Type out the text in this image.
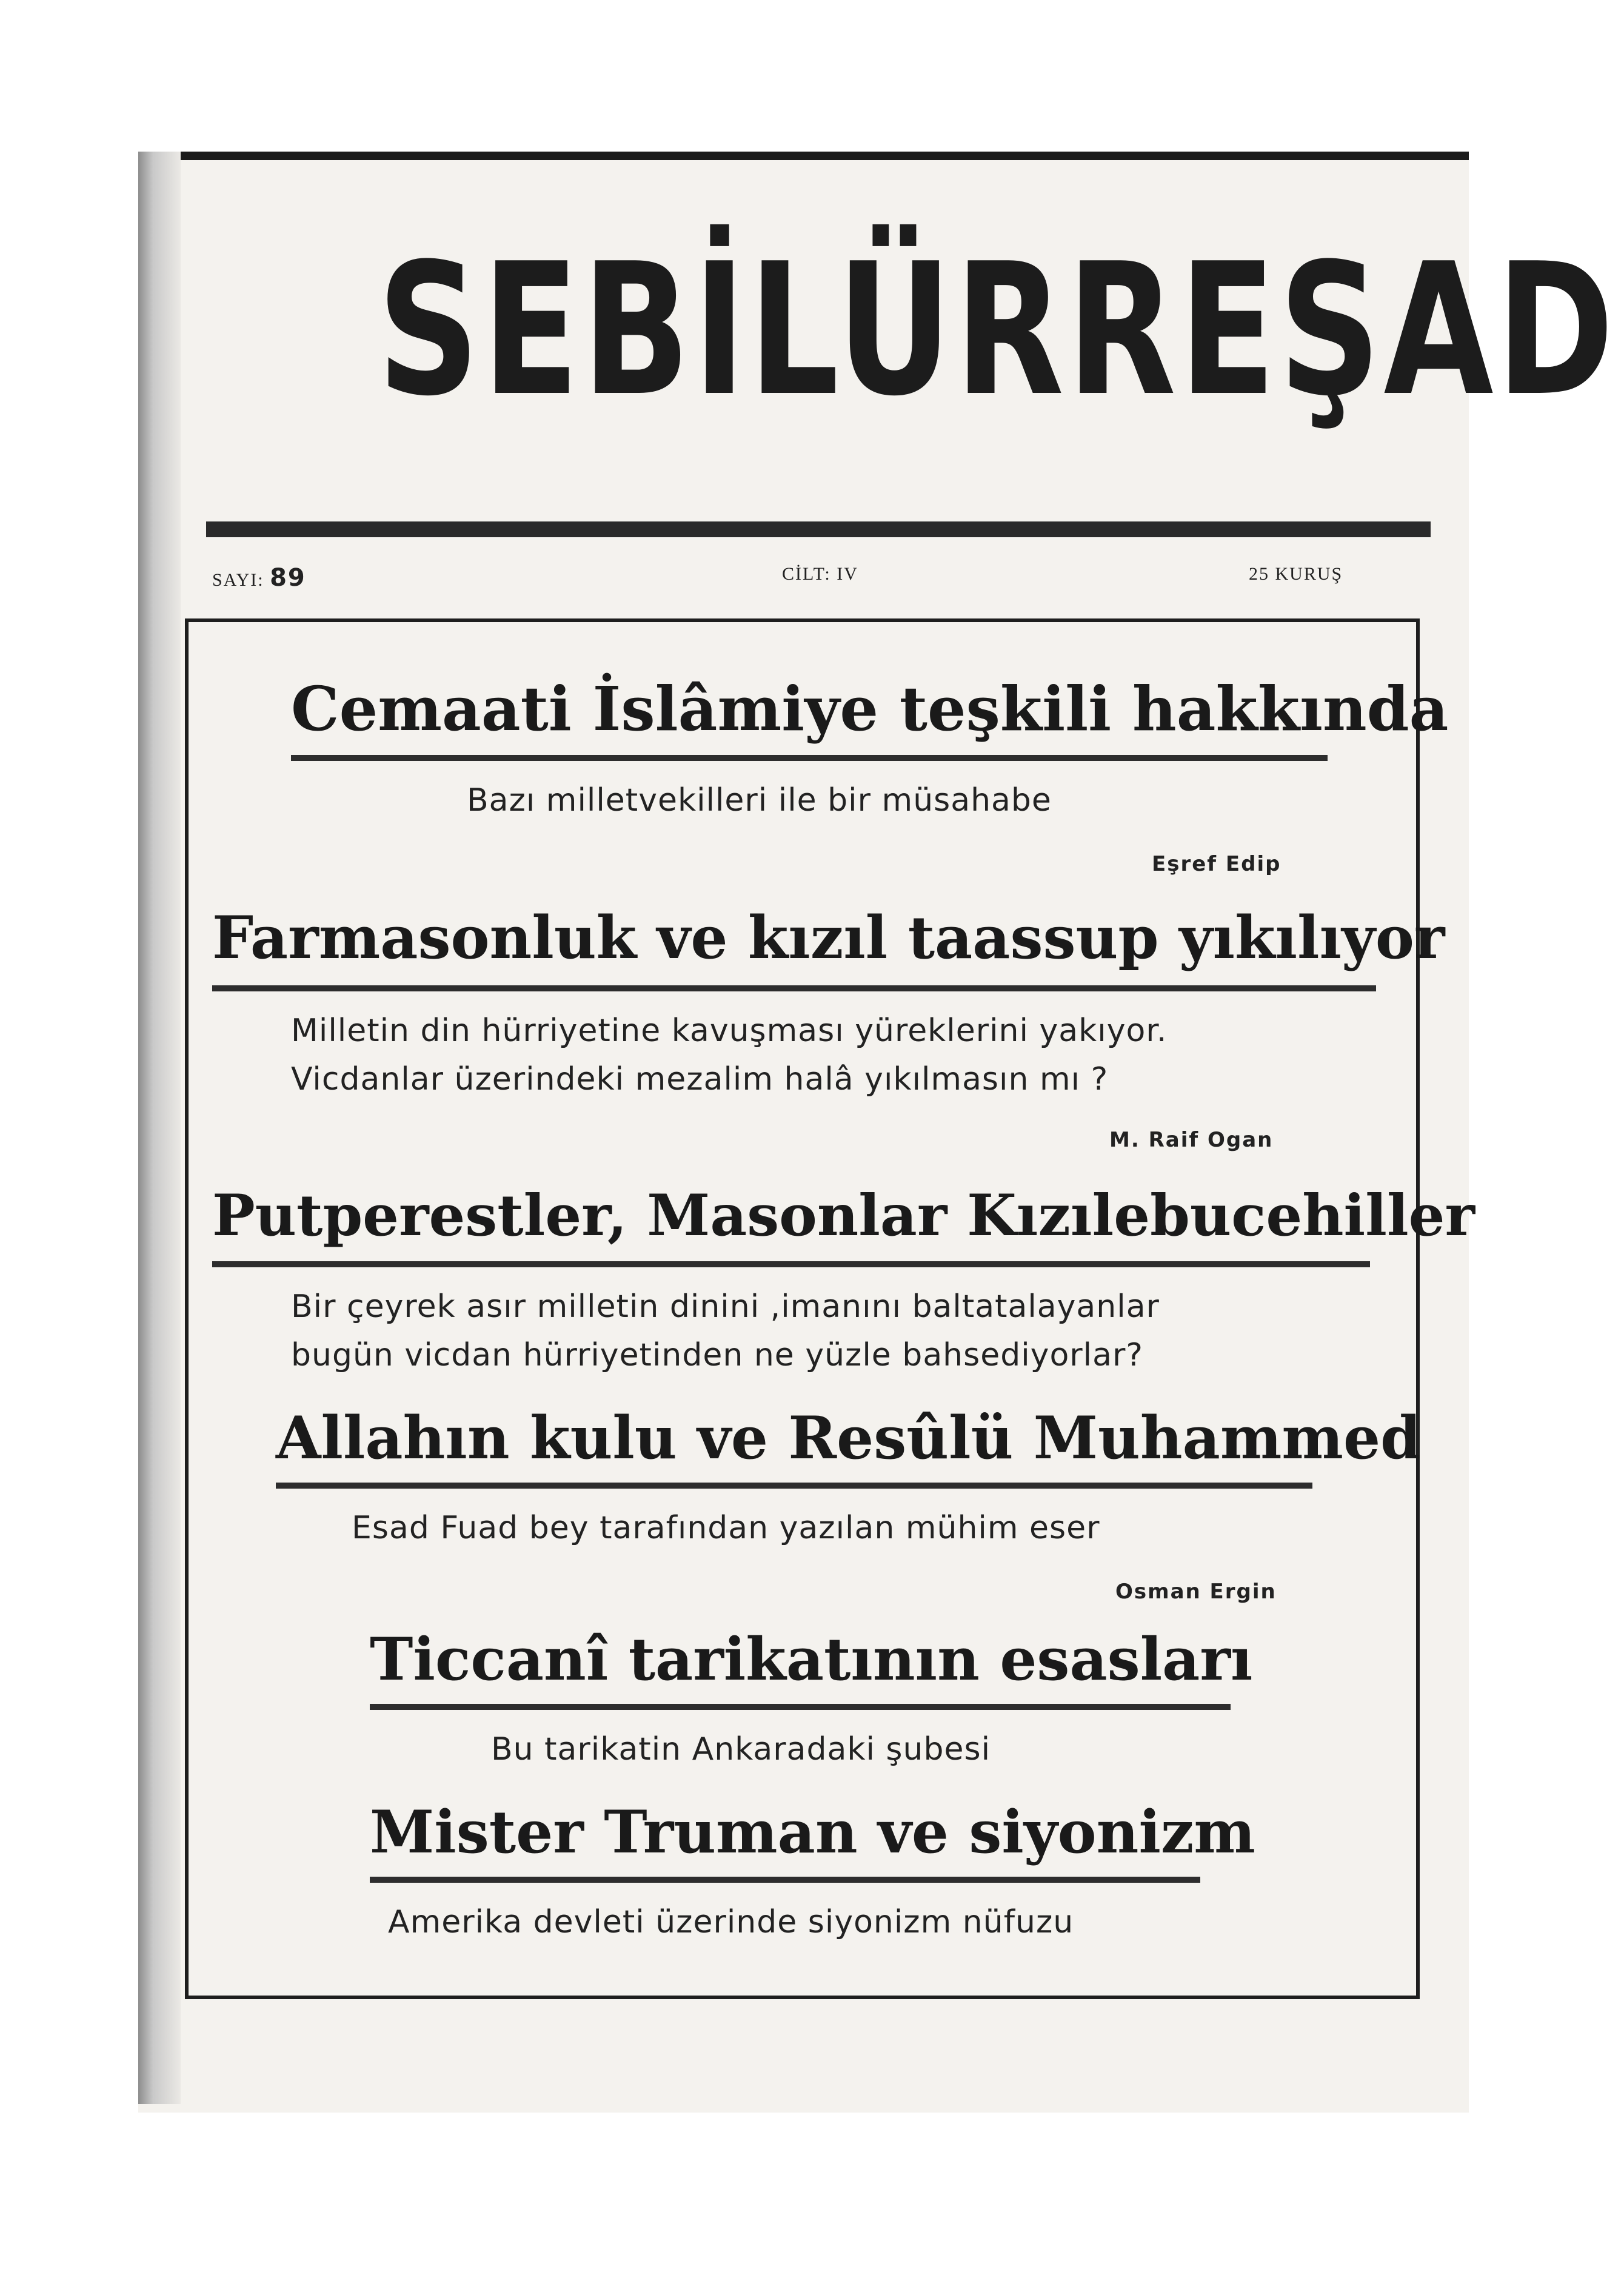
SEBİLÜRREŞAD
SAYI: 89	CİLT: IV	25 KURUŞ
Cemaati İslâmiye teşkili hakkında
Bazı milletvekilleri ile bir müsahabe
Eşref Edip
Farmasonluk ve kızıl taassup yıkılıyor
Milletin din hürriyetine kavuşması yüreklerini yakıyor.
Vicdanlar üzerindeki mezalim halâ yıkılmasın mı ?
M. Raif Ogan
Putperestler, Masonlar Kızılebucehiller
Bir çeyrek asır milletin dinini ,imanını baltatalayanlar
bugün vicdan hürriyetinden ne yüzle bahsediyorlar?
Allahın kulu ve Resûlü Muhammed
Esad Fuad bey tarafından yazılan mühim eser
Osman Ergin
Ticcanî tarikatının esasları
Bu tarikatin Ankaradaki şubesi
Mister Truman ve siyonizm
Amerika devleti üzerinde siyonizm nüfuzu
